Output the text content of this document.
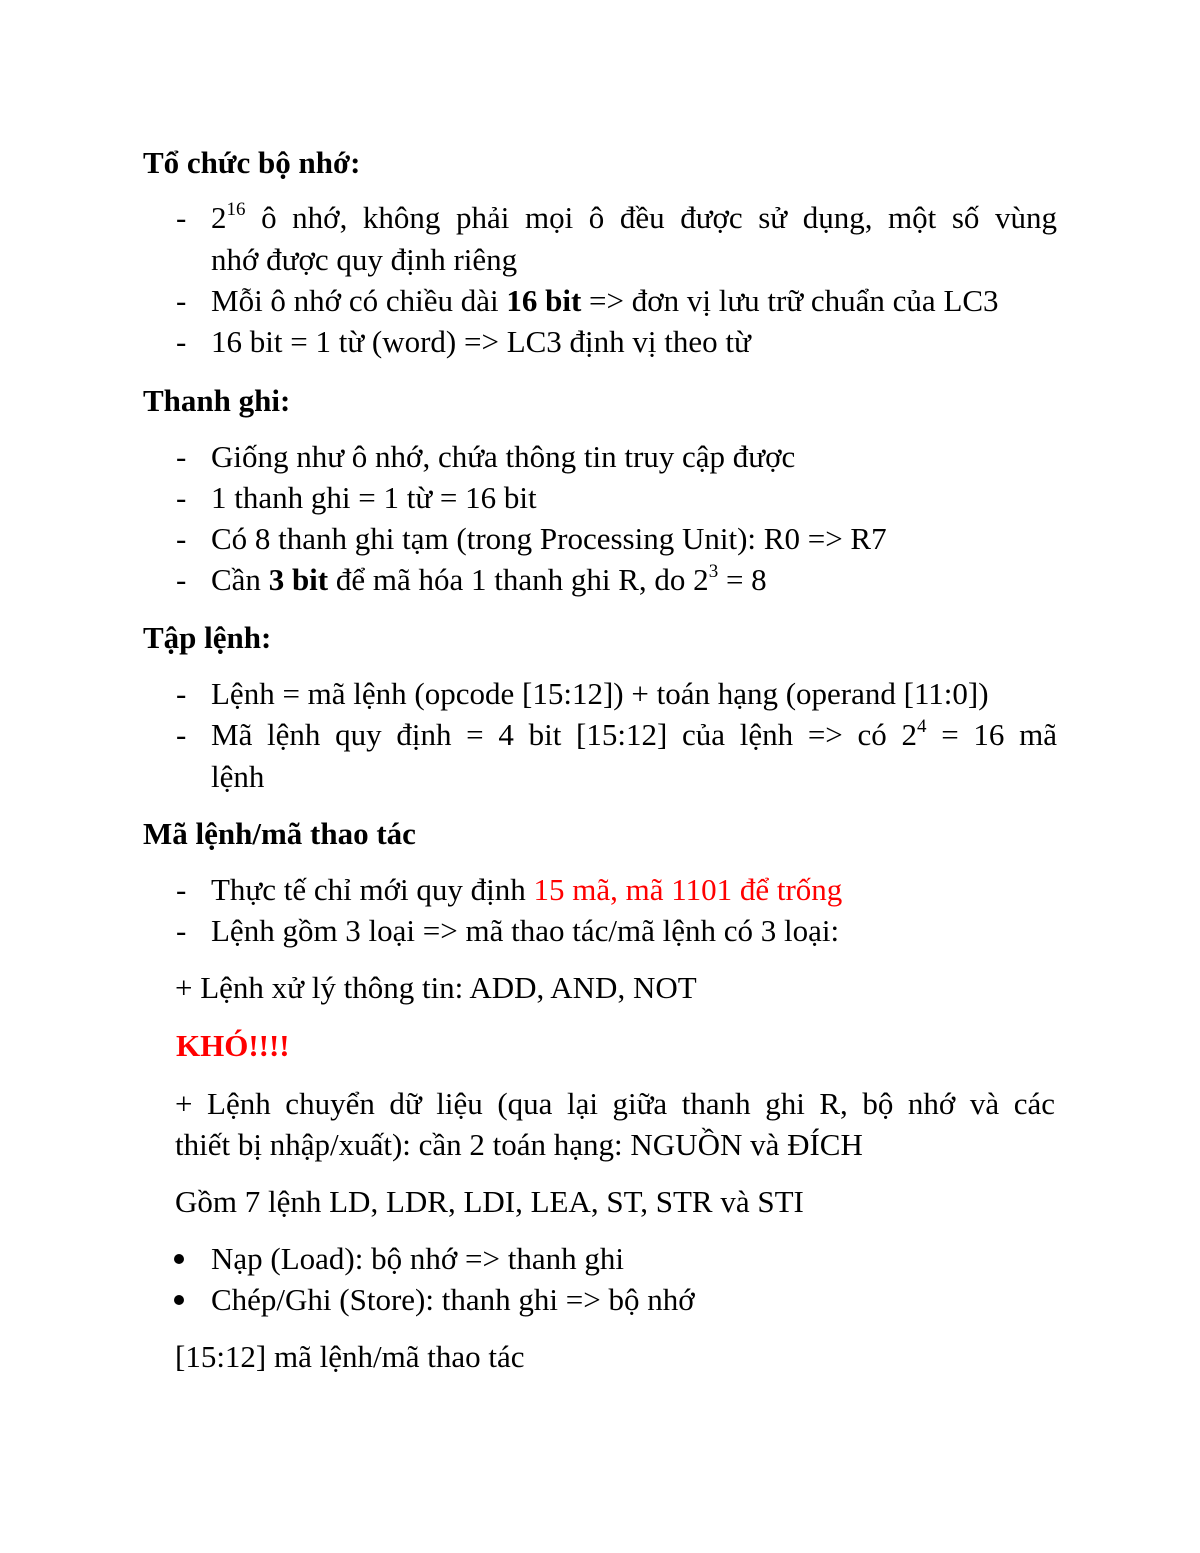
Tổ chức bộ nhớ:
- $2^{16}$ ô nhớ, không phải mọi ô đều được sử dụng, một số vùng
nhớ được quy định riêng
- Mỗi ô nhớ có chiều dài 16 bit => đơn vị lưu trữ chuẩn của LC3
- 16 bit = 1 từ (word) => LC3 định vị theo từ
Thanh ghi:
- Giống như ô nhớ, chứa thông tin truy cập được
- 1 thanh ghi = 1 từ = 16 bit
- Có 8 thanh ghi tạm (trong Processing Unit): R0 => R7
- Cần 3 bit để mã hóa 1 thanh ghi R, do $2^3 = 8$
Tập lệnh:
- Lệnh = mã lệnh (opcode [15:12]) + toán hạng (operand [11:0])
- Mã lệnh quy định = 4 bit [15:12] của lệnh => có $2^4 = 16$ mã
lệnh
Mã lệnh/mã thao tác
- Thực tế chỉ mới quy định 15 mã, mã 1101 để trống
- Lệnh gồm 3 loại => mã thao tác/mã lệnh có 3 loại:
+ Lệnh xử lý thông tin: ADD, AND, NOT
KHÓ!!!!
+ Lệnh chuyển dữ liệu (qua lại giữa thanh ghi R, bộ nhớ và các
thiết bị nhập/xuất): cần 2 toán hạng: NGUỒN và ĐÍCH
Gồm 7 lệnh LD, LDR, LDI, LEA, ST, STR và STI
Nạp (Load): bộ nhớ => thanh ghi
Chép/Ghi (Store): thanh ghi => bộ nhớ
[15:12] mã lệnh/mã thao tác
